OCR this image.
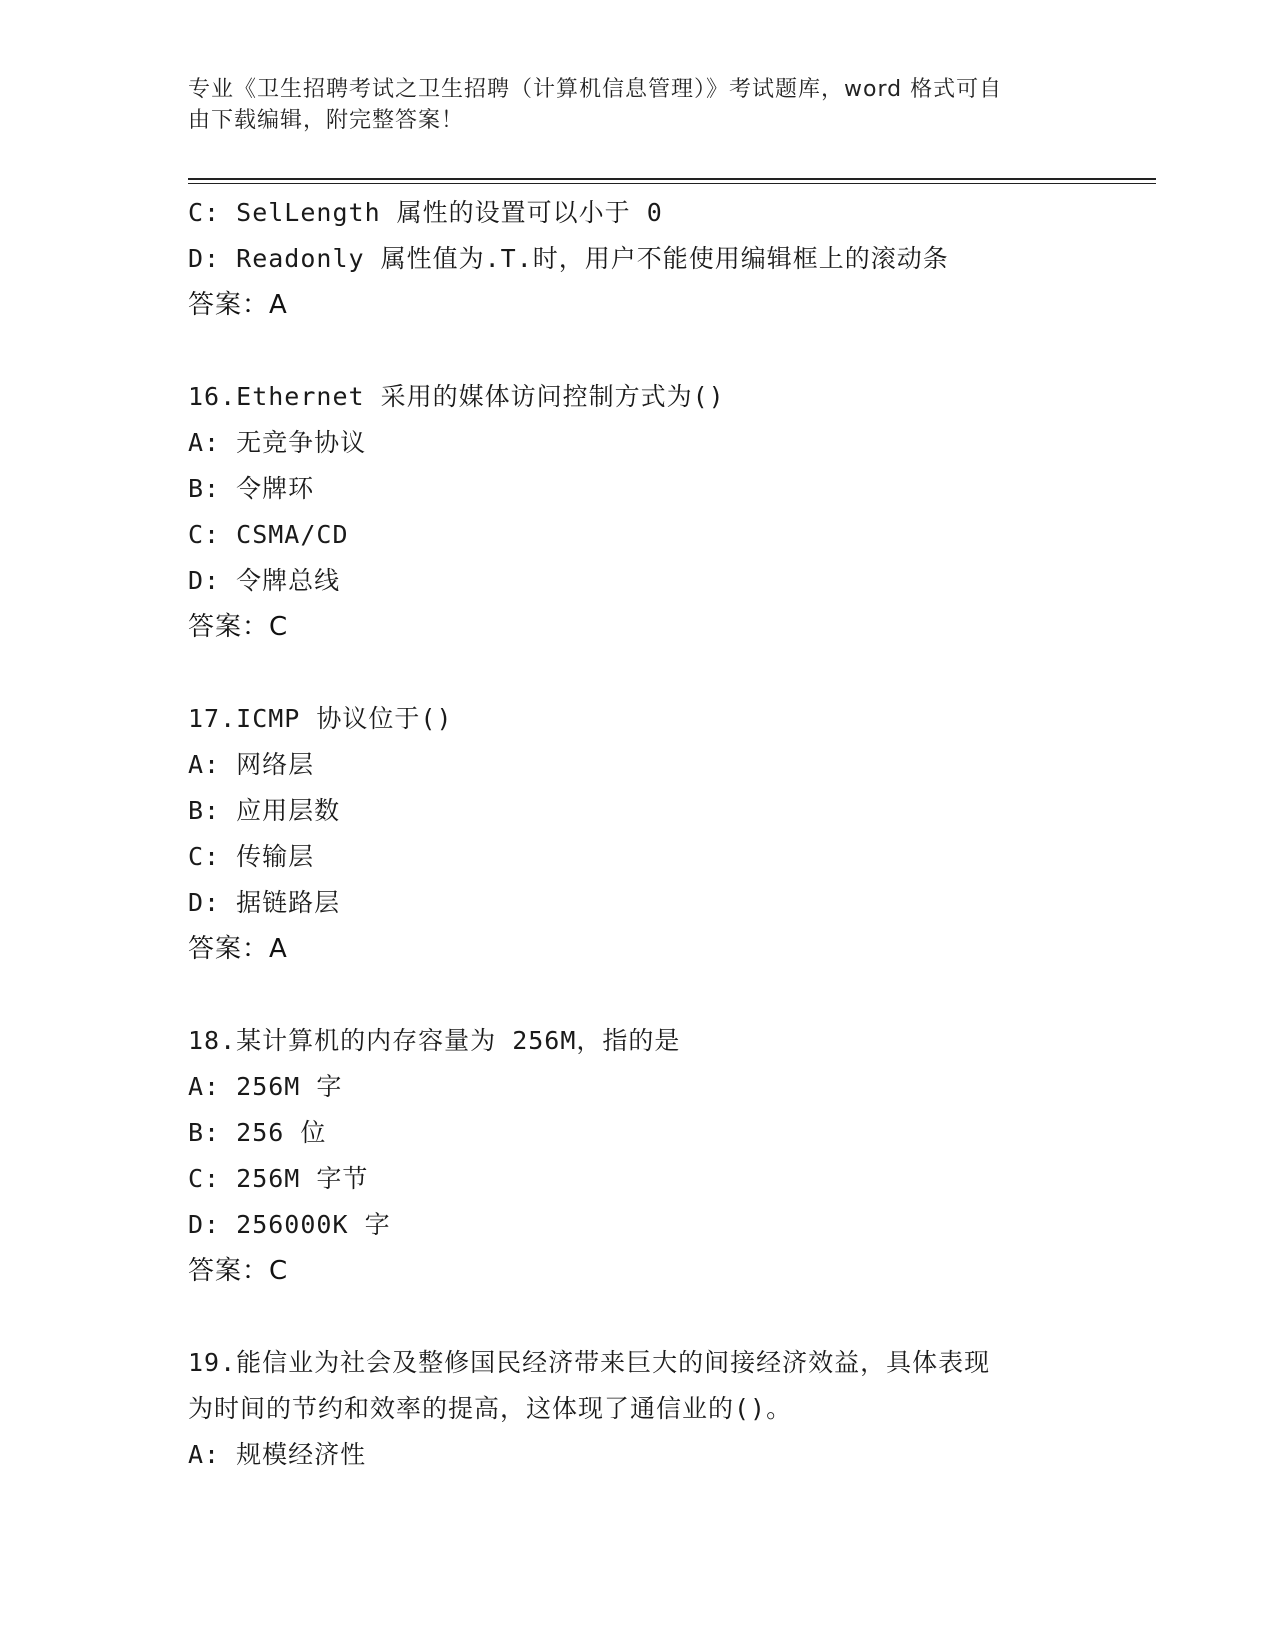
专业《卫生招聘考试之卫生招聘（计算机信息管理）》考试题库，word 格式可自
由下载编辑，附完整答案！
C: SelLength 属性的设置可以小于 0
D: Readonly 属性值为.T.时，用户不能使用编辑框上的滚动条
答案：A
16.Ethernet 采用的媒体访问控制方式为()
A: 无竞争协议
B: 令牌环
C: CSMA/CD
D: 令牌总线
答案：C
17.ICMP 协议位于()
A: 网络层
B: 应用层数
C: 传输层
D: 据链路层
答案：A
18.某计算机的内存容量为 256M，指的是
A: 256M 字
B: 256 位
C: 256M 字节
D: 256000K 字
答案：C
19.能信业为社会及整修国民经济带来巨大的间接经济效益，具体表现
为时间的节约和效率的提高，这体现了通信业的()。
A: 规模经济性
